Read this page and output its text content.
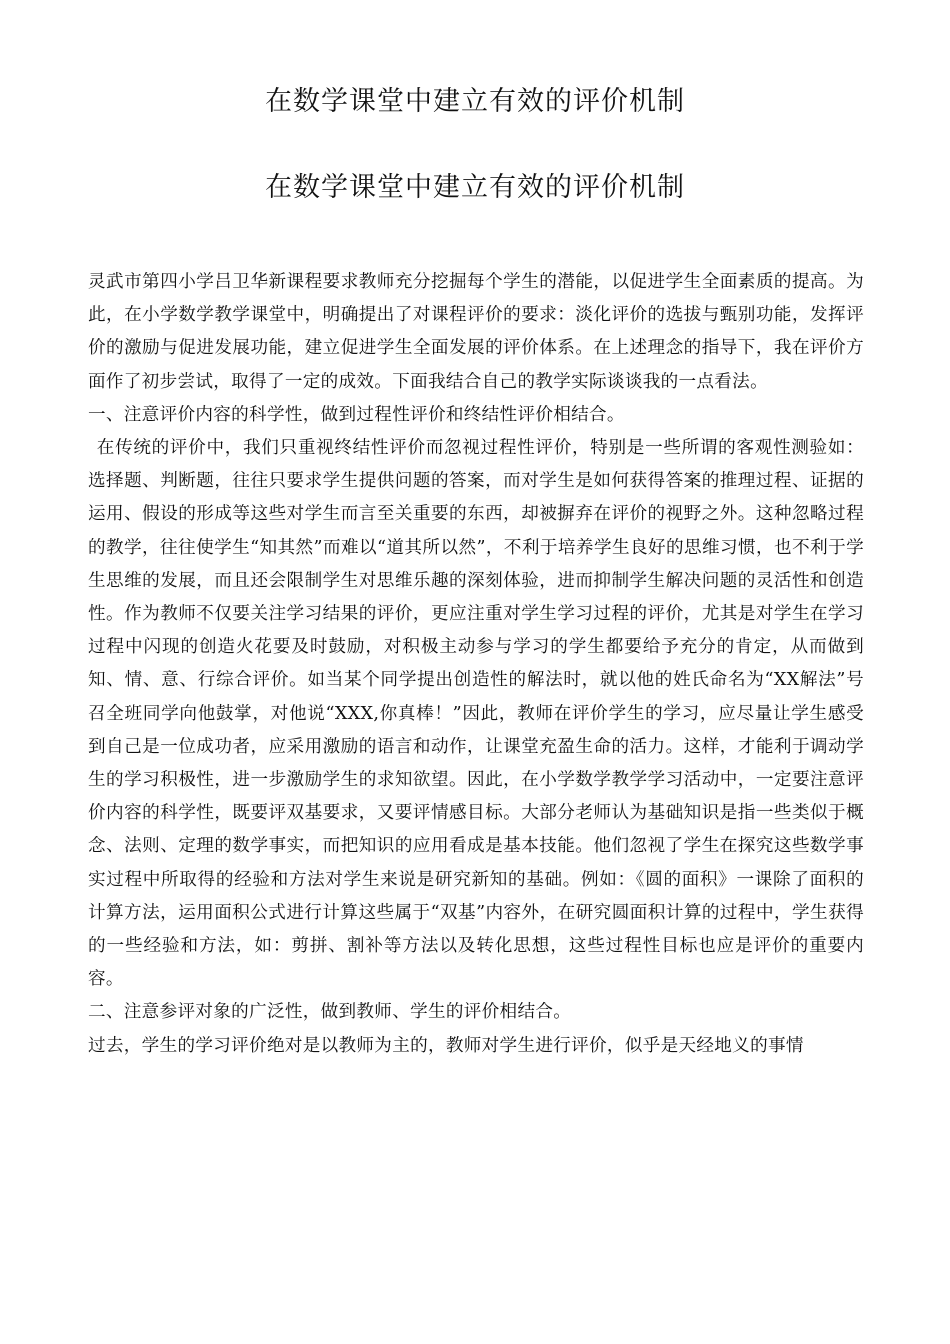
在数学课堂中建立有效的评价机制
在数学课堂中建立有效的评价机制

灵武市第四小学吕卫华新课程要求教师充分挖掘每个学生的潜能，以促进学生全面素质的提高。为此，在小学数学教学课堂中，明确提出了对课程评价的要求：淡化评价的选拔与甄别功能，发挥评价的激励与促进发展功能，建立促进学生全面发展的评价体系。在上述理念的指导下，我在评价方面作了初步尝试，取得了一定的成效。下面我结合自己的教学实际谈谈我的一点看法。

一、注意评价内容的科学性，做到过程性评价和终结性评价相结合。

在传统的评价中，我们只重视终结性评价而忽视过程性评价，特别是一些所谓的客观性测验如：选择题、判断题，往往只要求学生提供问题的答案，而对学生是如何获得答案的推理过程、证据的运用、假设的形成等这些对学生而言至关重要的东西，却被摒弃在评价的视野之外。这种忽略过程的教学，往往使学生“知其然”而难以“道其所以然”，不利于培养学生良好的思维习惯，也不利于学生思维的发展，而且还会限制学生对思维乐趣的深刻体验，进而抑制学生解决问题的灵活性和创造性。作为教师不仅要关注学习结果的评价，更应注重对学生学习过程的评价，尤其是对学生在学习过程中闪现的创造火花要及时鼓励，对积极主动参与学习的学生都要给予充分的肯定，从而做到知、情、意、行综合评价。如当某个同学提出创造性的解法时，就以他的姓氏命名为“XX解法”号召全班同学向他鼓掌，对他说“XXX,你真棒！”因此，教师在评价学生的学习，应尽量让学生感受到自己是一位成功者，应采用激励的语言和动作，让课堂充盈生命的活力。这样，才能利于调动学生的学习积极性，进一步激励学生的求知欲望。因此，在小学数学教学学习活动中，一定要注意评价内容的科学性，既要评双基要求，又要评情感目标。大部分老师认为基础知识是指一些类似于概念、法则、定理的数学事实，而把知识的应用看成是基本技能。他们忽视了学生在探究这些数学事实过程中所取得的经验和方法对学生来说是研究新知的基础。例如：《圆的面积》一课除了面积的计算方法，运用面积公式进行计算这些属于“双基”内容外，在研究圆面积计算的过程中，学生获得的一些经验和方法，如：剪拼、割补等方法以及转化思想，这些过程性目标也应是评价的重要内容。

二、注意参评对象的广泛性，做到教师、学生的评价相结合。

过去，学生的学习评价绝对是以教师为主的，教师对学生进行评价，似乎是天经地义的事情
